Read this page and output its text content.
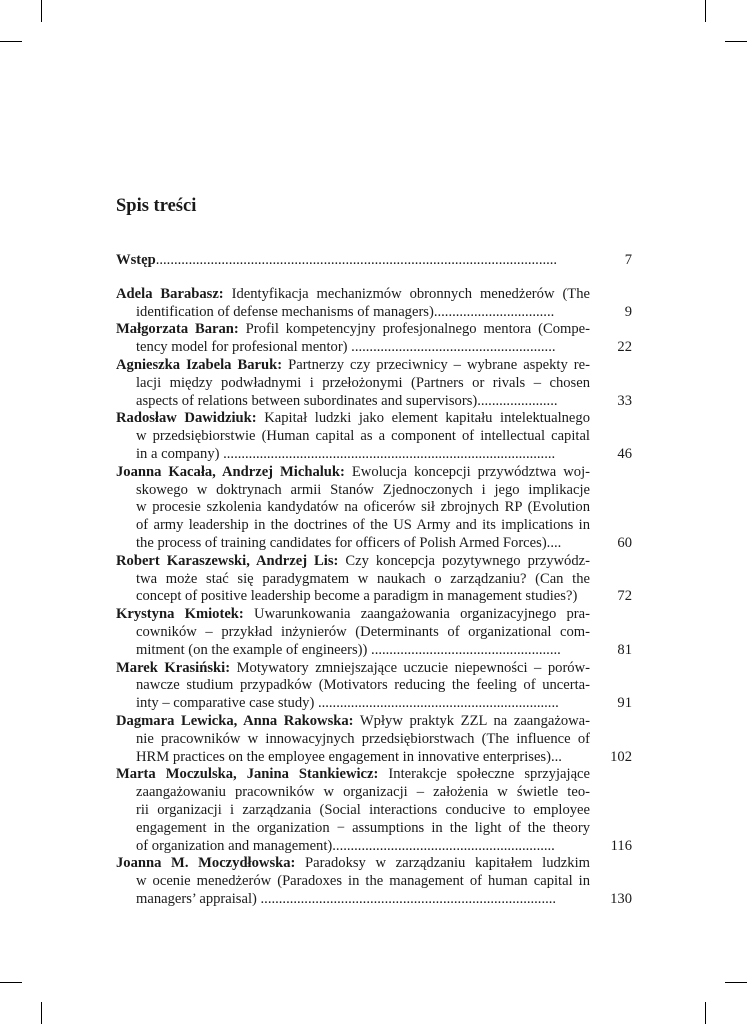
Spis treści
Wstęp..............................................................................................................	7
Adela Barabasz: Identyfikacja mechanizmów obronnych menedżerów (The
identification of defense mechanisms of managers).................................	9
Małgorzata Baran: Profil kompetencyjny profesjonalnego mentora (Compe-
tency model for profesional mentor) ........................................................	22
Agnieszka Izabela Baruk: Partnerzy czy przeciwnicy – wybrane aspekty re-
lacji między podwładnymi i przełożonymi (Partners or rivals – chosen
aspects of relations between subordinates and supervisors)......................	33
Radosław Dawidziuk: Kapitał ludzki jako element kapitału intelektualnego
w przedsiębiorstwie (Human capital as a component of intellectual capital
in a company) ...........................................................................................	46
Joanna Kacała, Andrzej Michaluk: Ewolucja koncepcji przywództwa woj-
skowego w doktrynach armii Stanów Zjednoczonych i jego implikacje
w procesie szkolenia kandydatów na oficerów sił zbrojnych RP (Evolution
of army leadership in the doctrines of the US Army and its implications in
the process of training candidates for officers of Polish Armed Forces)....	60
Robert Karaszewski, Andrzej Lis: Czy koncepcja pozytywnego przywódz-
twa może stać się paradygmatem w naukach o zarządzaniu? (Can the
concept of positive leadership become a paradigm in management studies?)	72
Krystyna Kmiotek: Uwarunkowania zaangażowania organizacyjnego pra-
cowników – przykład inżynierów (Determinants of organizational com-
mitment (on the example of engineers)) ....................................................	81
Marek Krasiński: Motywatory zmniejszające uczucie niepewności – porów-
nawcze studium przypadków (Motivators reducing the feeling of uncerta-
inty – comparative case study) ..................................................................	91
Dagmara Lewicka, Anna Rakowska: Wpływ praktyk ZZL na zaangażowa-
nie pracowników w innowacyjnych przedsiębiorstwach (The influence of
HRM practices on the employee engagement in innovative enterprises)...	102
Marta Moczulska, Janina Stankiewicz: Interakcje społeczne sprzyjające
zaangażowaniu pracowników w organizacji – założenia w świetle teo-
rii organizacji i zarządzania (Social interactions conducive to employee
engagement in the organization − assumptions in the light of the theory
of organization and management).............................................................	116
Joanna M. Moczydłowska: Paradoksy w zarządzaniu kapitałem ludzkim
w ocenie menedżerów (Paradoxes in the management of human capital in
managers’ appraisal) .................................................................................	130
